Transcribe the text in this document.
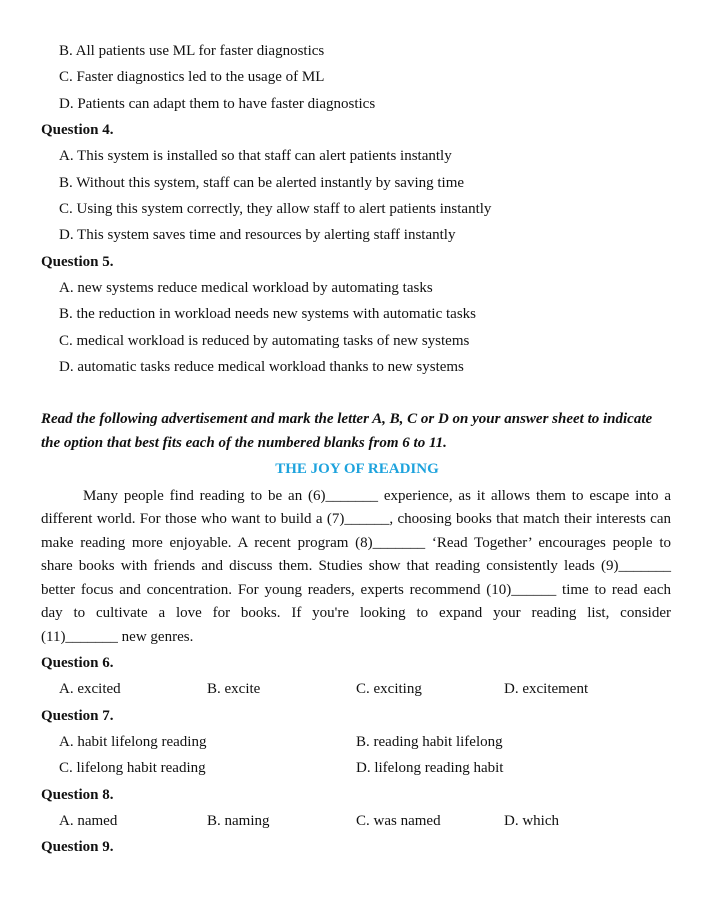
B. All patients use ML for faster diagnostics
C. Faster diagnostics led to the usage of ML
D. Patients can adapt them to have faster diagnostics
Question 4.
A. This system is installed so that staff can alert patients instantly
B. Without this system, staff can be alerted instantly by saving time
C. Using this system correctly, they allow staff to alert patients instantly
D. This system saves time and resources by alerting staff instantly
Question 5.
A. new systems reduce medical workload by automating tasks
B. the reduction in workload needs new systems with automatic tasks
C. medical workload is reduced by automating tasks of new systems
D. automatic tasks reduce medical workload thanks to new systems
Read the following advertisement and mark the letter A, B, C or D on your answer sheet to indicate
the option that best fits each of the numbered blanks from 6 to 11.
THE JOY OF READING
Many people find reading to be an (6)_______ experience, as it allows them to escape into a
different world. For those who want to build a (7)______, choosing books that match their interests can
make reading more enjoyable. A recent program (8)_______ ‘Read Together’ encourages people to
share books with friends and discuss them. Studies show that reading consistently leads (9)_______
better focus and concentration. For young readers, experts recommend (10)______ time to read each
day to cultivate a love for books. If you're looking to expand your reading list, consider
(11)_______ new genres.
Question 6.
A. excited	B. excite	C. exciting	D. excitement
Question 7.
A. habit lifelong reading	B. reading habit lifelong
C. lifelong habit reading	D. lifelong reading habit
Question 8.
A. named	B. naming	C. was named	D. which
Question 9.
